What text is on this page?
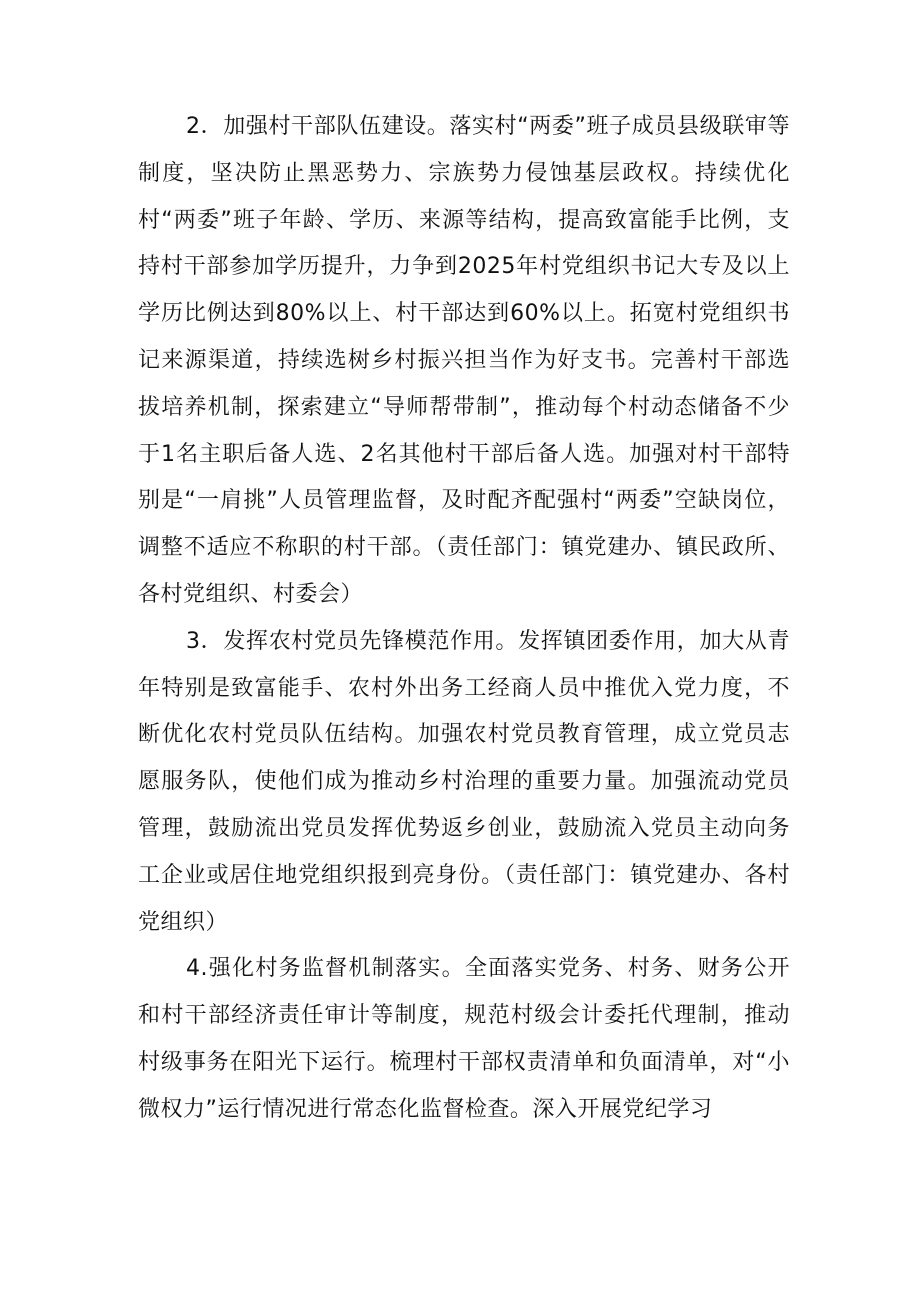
2．加强村干部队伍建设。落实村“两委”班子成员县级联审等制度，坚决防止黑恶势力、宗族势力侵蚀基层政权。持续优化村“两委”班子年龄、学历、来源等结构，提高致富能手比例，支持村干部参加学历提升，力争到2025年村党组织书记大专及以上学历比例达到80%以上、村干部达到60%以上。拓宽村党组织书记来源渠道，持续选树乡村振兴担当作为好支书。完善村干部选拔培养机制，探索建立“导师帮带制”，推动每个村动态储备不少于1名主职后备人选、2名其他村干部后备人选。加强对村干部特别是“一肩挑”人员管理监督，及时配齐配强村“两委”空缺岗位，调整不适应不称职的村干部。（责任部门：镇党建办、镇民政所、各村党组织、村委会）

3．发挥农村党员先锋模范作用。发挥镇团委作用，加大从青年特别是致富能手、农村外出务工经商人员中推优入党力度，不断优化农村党员队伍结构。加强农村党员教育管理，成立党员志愿服务队，使他们成为推动乡村治理的重要力量。加强流动党员管理，鼓励流出党员发挥优势返乡创业，鼓励流入党员主动向务工企业或居住地党组织报到亮身份。（责任部门：镇党建办、各村党组织）

4.强化村务监督机制落实。全面落实党务、村务、财务公开和村干部经济责任审计等制度，规范村级会计委托代理制，推动村级事务在阳光下运行。梳理村干部权责清单和负面清单，对“小微权力”运行情况进行常态化监督检查。深入开展党纪学习
